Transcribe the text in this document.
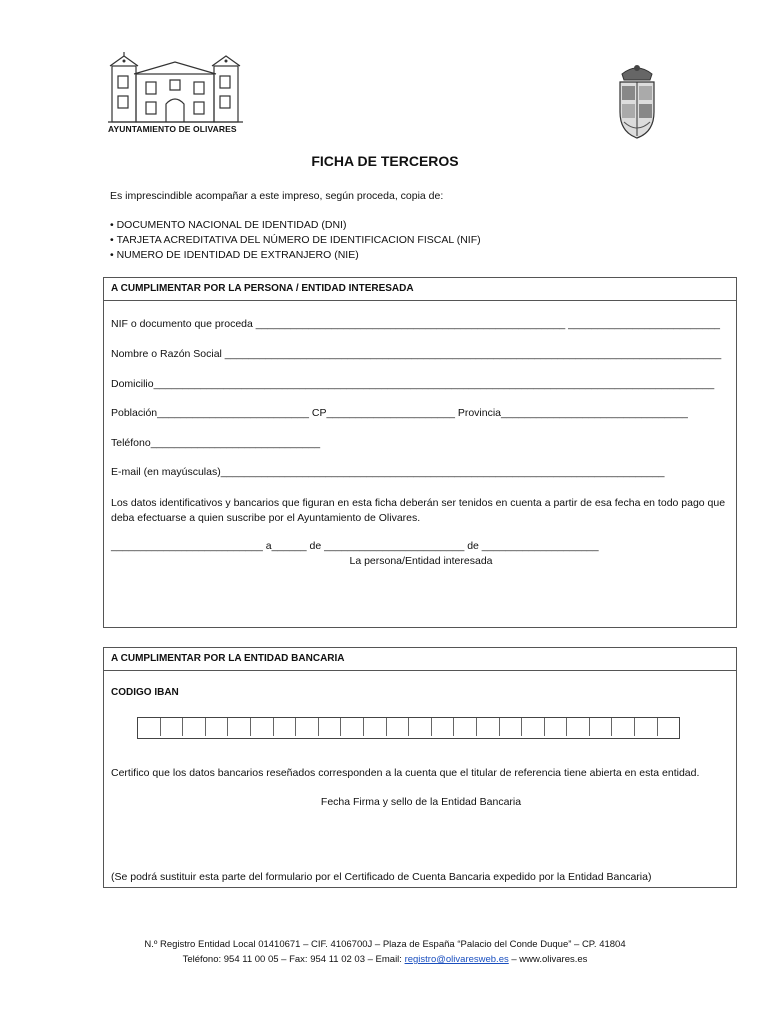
AYUNTAMIENTO DE OLIVARES
FICHA DE TERCEROS
Es imprescindible acompañar a este impreso, según proceda, copia de:
• DOCUMENTO NACIONAL DE IDENTIDAD (DNI)
• TARJETA ACREDITATIVA DEL NÚMERO DE IDENTIFICACION FISCAL (NIF)
• NUMERO DE IDENTIDAD DE EXTRANJERO (NIE)
A CUMPLIMENTAR POR LA PERSONA / ENTIDAD INTERESADA
NIF o documento que proceda _____________________________________________________ __________________________
Nombre o Razón Social _____________________________________________________________________________________
Domicilio________________________________________________________________________________________________
Población__________________________ CP______________________ Provincia________________________________
Teléfono_____________________________
E-mail (en mayúsculas)____________________________________________________________________________
Los datos identificativos y bancarios que figuran en esta ficha deberán ser tenidos en cuenta a partir de esa fecha en todo pago que deba efectuarse a quien suscribe por el Ayuntamiento de Olivares.
__________________________ a______ de ________________________ de ____________________
La persona/Entidad interesada
A CUMPLIMENTAR POR LA ENTIDAD BANCARIA
CODIGO IBAN
Certifico que los datos bancarios reseñados corresponden a la cuenta que el titular de referencia tiene abierta en esta entidad.
Fecha Firma y sello de la Entidad Bancaria
(Se podrá sustituir esta parte del formulario por el Certificado de Cuenta Bancaria expedido por la Entidad Bancaria)
N.º Registro Entidad Local 01410671 – CIF. 4106700J – Plaza de España “Palacio del Conde Duque” – CP. 41804
Teléfono: 954 11 00 05 – Fax: 954 11 02 03 – Email: registro@olivaresweb.es – www.olivares.es
